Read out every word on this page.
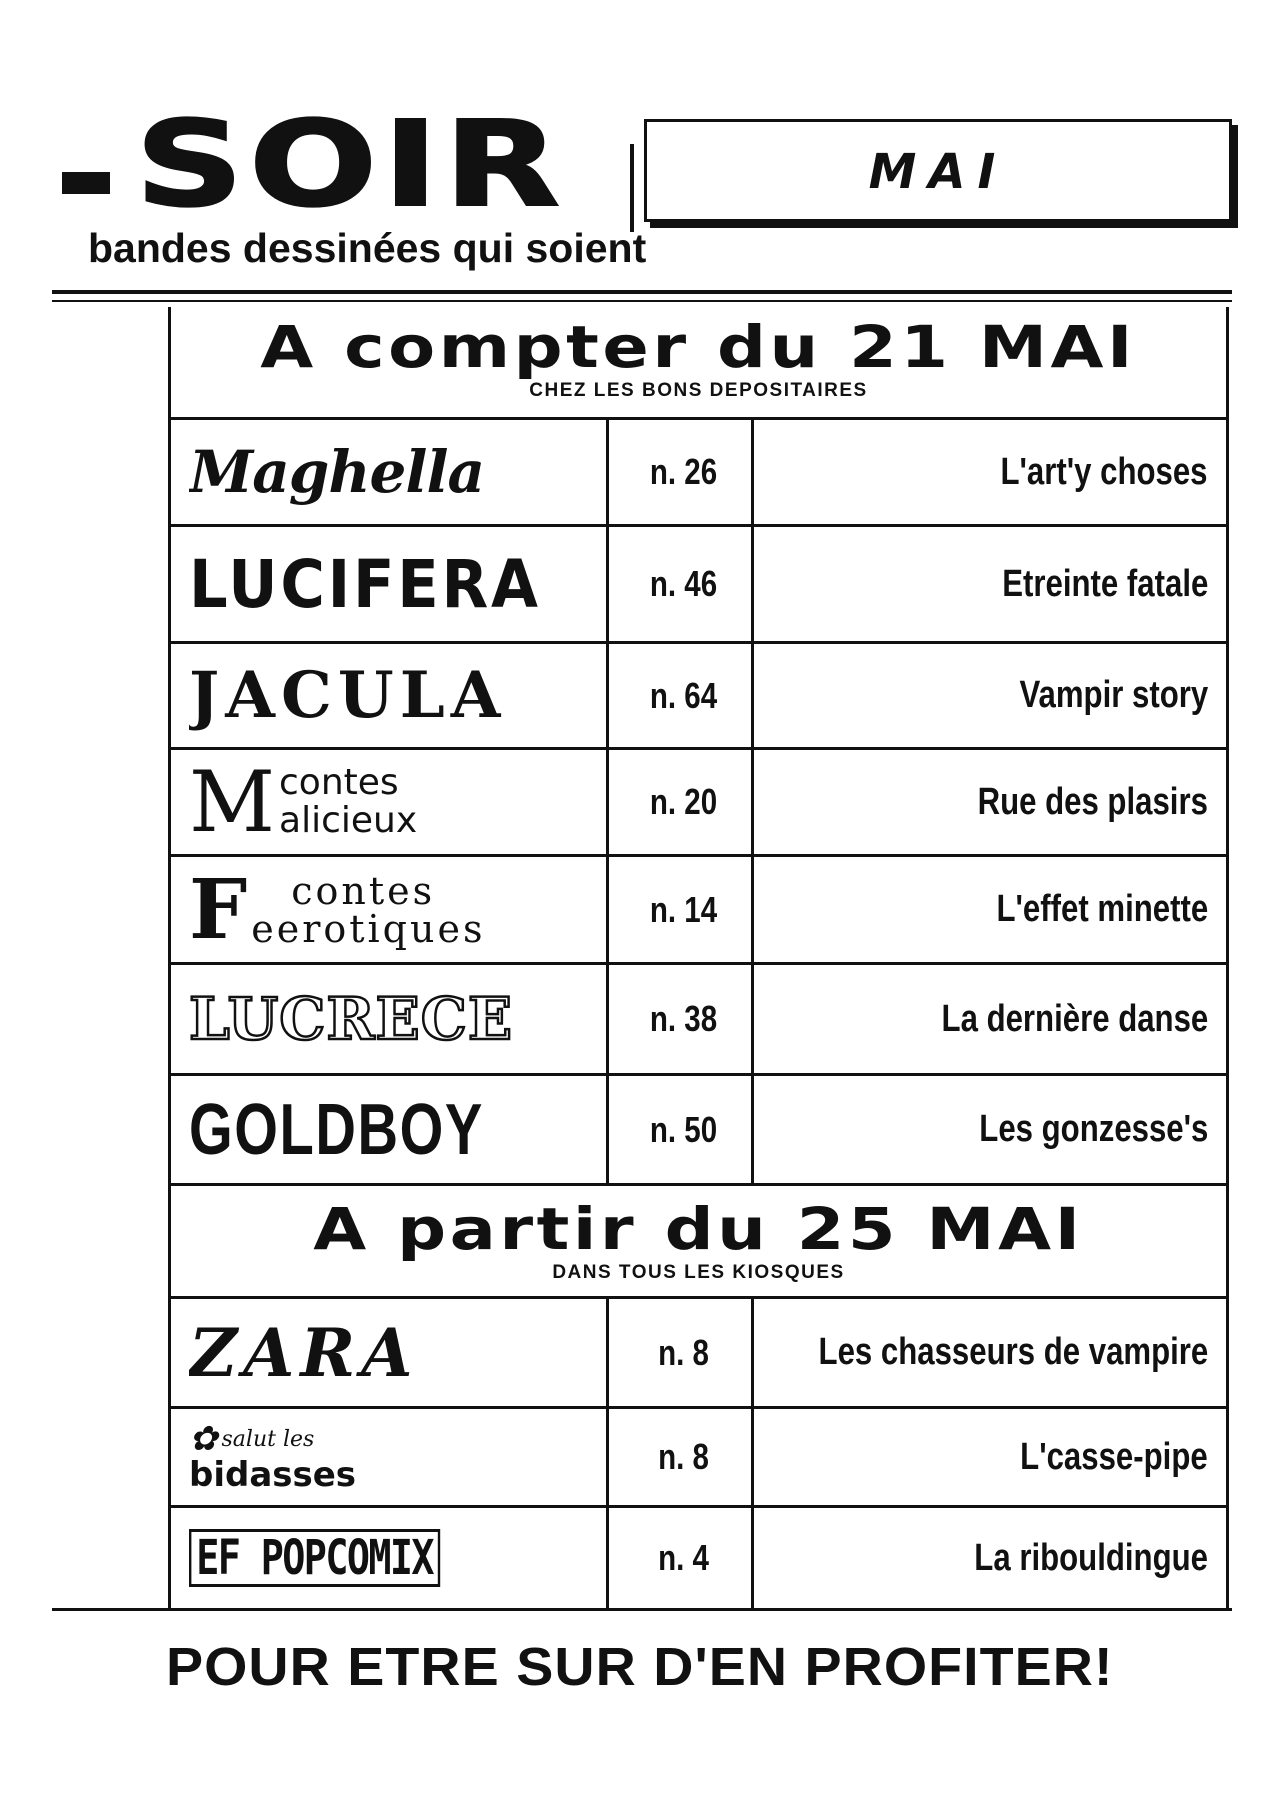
SOIR	MAI
bandes dessinées qui soient
A compter du 21 MAI
CHEZ LES BONS DEPOSITAIRES
Maghella	n. 26	L'art'y choses
LUCIFERA	n. 46	Etreinte fatale
JACULA	n. 64	Vampir story
M contes
alicieux	n. 20	Rue des plasirs
F contes
eerotiques	n. 14	L'effet minette
LUCRECE	n. 38	La dernière danse
GOLDBOY	n. 50	Les gonzesse's
A partir du 25 MAI
DANS TOUS LES KIOSQUES
ZARA	n. 8	Les chasseurs de vampire
✿ salut les
bidasses	n. 8	L'casse-pipe
EF POPCOMIX	n. 4	La ribouldingue
POUR ETRE SUR D'EN PROFITER!
